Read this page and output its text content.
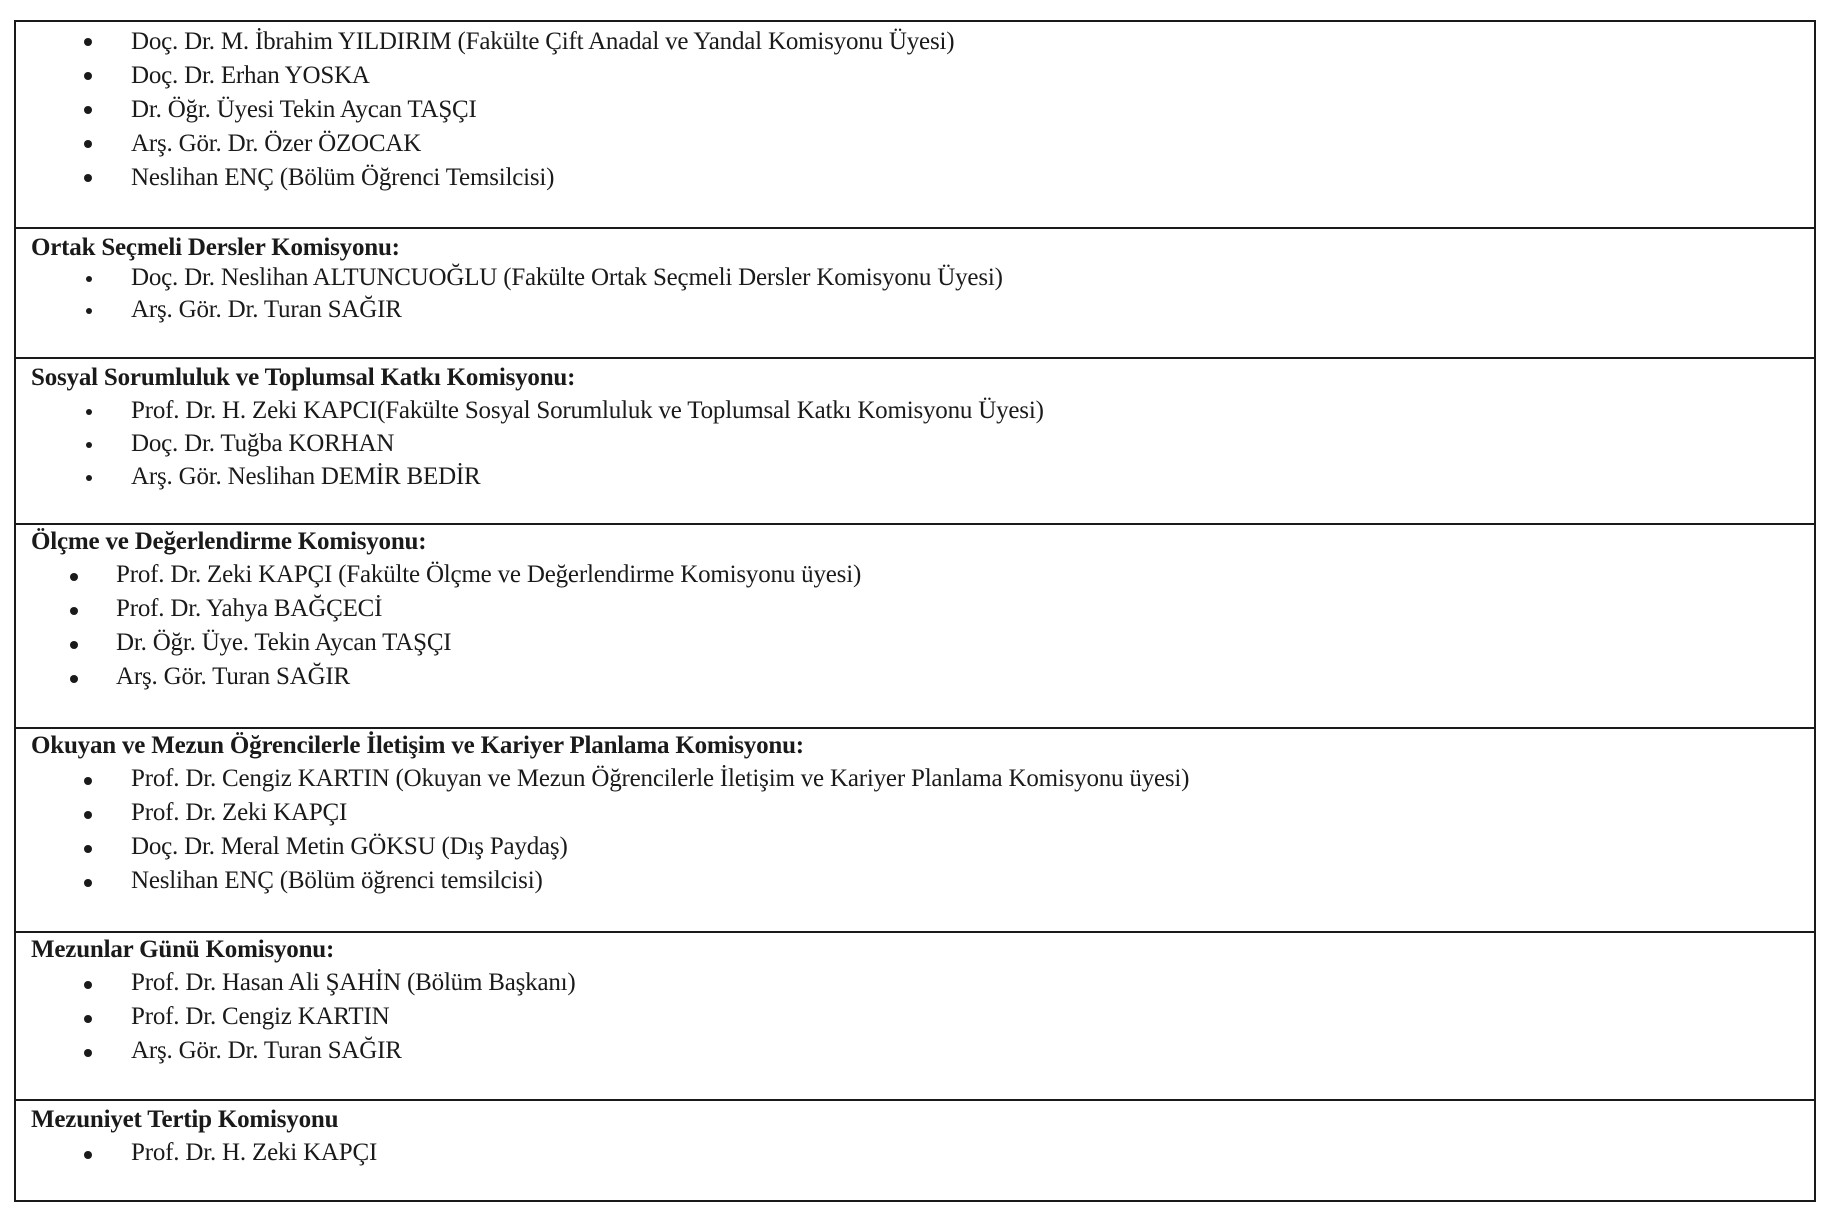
Doç. Dr. M. İbrahim YILDIRIM (Fakülte Çift Anadal ve Yandal Komisyonu Üyesi)
Doç. Dr. Erhan YOSKA
Dr. Öğr. Üyesi Tekin Aycan TAŞÇI
Arş. Gör. Dr. Özer ÖZOCAK
Neslihan ENÇ (Bölüm Öğrenci Temsilcisi)
Ortak Seçmeli Dersler Komisyonu:
Doç. Dr. Neslihan ALTUNCUOĞLU (Fakülte Ortak Seçmeli Dersler Komisyonu Üyesi)
Arş. Gör. Dr. Turan SAĞIR
Sosyal Sorumluluk ve Toplumsal Katkı Komisyonu:
Prof. Dr. H. Zeki KAPCI(Fakülte Sosyal Sorumluluk ve Toplumsal Katkı Komisyonu Üyesi)
Doç. Dr. Tuğba KORHAN
Arş. Gör. Neslihan DEMİR BEDİR
Ölçme ve Değerlendirme Komisyonu:
Prof. Dr. Zeki KAPÇI (Fakülte Ölçme ve Değerlendirme Komisyonu üyesi)
Prof. Dr. Yahya BAĞÇECİ
Dr. Öğr. Üye. Tekin Aycan TAŞÇI
Arş. Gör. Turan SAĞIR
Okuyan ve Mezun Öğrencilerle İletişim ve Kariyer Planlama Komisyonu:
Prof. Dr. Cengiz KARTIN (Okuyan ve Mezun Öğrencilerle İletişim ve Kariyer Planlama Komisyonu üyesi)
Prof. Dr. Zeki KAPÇI
Doç. Dr. Meral Metin GÖKSU (Dış Paydaş)
Neslihan ENÇ (Bölüm öğrenci temsilcisi)
Mezunlar Günü Komisyonu:
Prof. Dr. Hasan Ali ŞAHİN (Bölüm Başkanı)
Prof. Dr. Cengiz KARTIN
Arş. Gör. Dr. Turan SAĞIR
Mezuniyet Tertip Komisyonu
Prof. Dr. H. Zeki KAPÇI
